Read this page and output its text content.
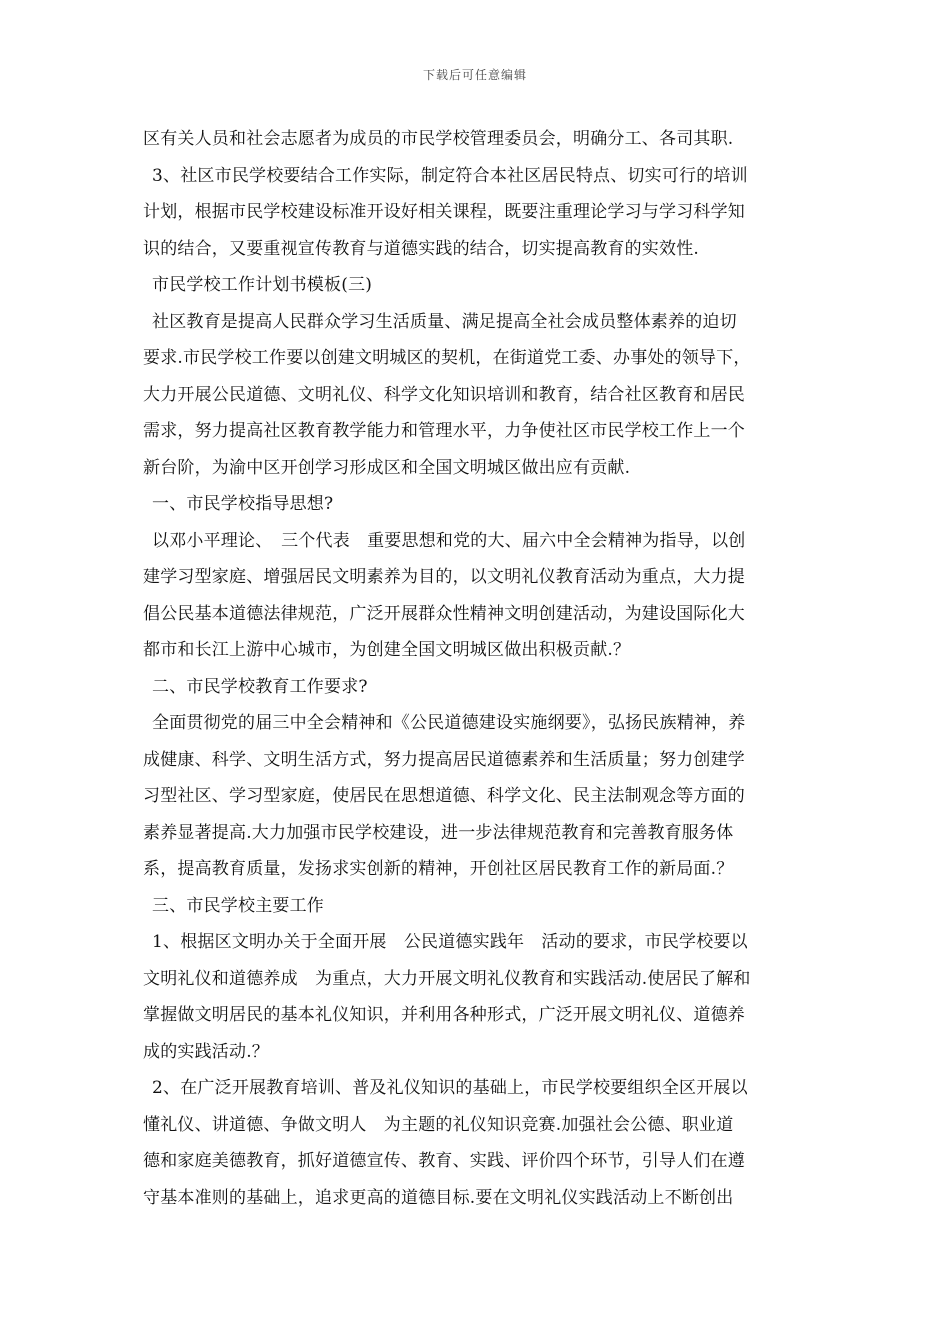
下载后可任意编辑
区有关人员和社会志愿者为成员的市民学校管理委员会，明确分工、各司其职.
3、社区市民学校要结合工作实际，制定符合本社区居民特点、切实可行的培训
计划，根据市民学校建设标准开设好相关课程，既要注重理论学习与学习科学知
识的结合，又要重视宣传教育与道德实践的结合，切实提高教育的实效性.
市民学校工作计划书模板(三)
社区教育是提高人民群众学习生活质量、满足提高全社会成员整体素养的迫切
要求.市民学校工作要以创建文明城区的契机，在街道党工委、办事处的领导下，
大力开展公民道德、文明礼仪、科学文化知识培训和教育，结合社区教育和居民
需求，努力提高社区教育教学能力和管理水平，力争使社区市民学校工作上一个
新台阶，为渝中区开创学习形成区和全国文明城区做出应有贡献.
一、市民学校指导思想?
以邓小平理论、　三个代表　重要思想和党的大、届六中全会精神为指导，以创
建学习型家庭、增强居民文明素养为目的，以文明礼仪教育活动为重点，大力提
倡公民基本道德法律规范，广泛开展群众性精神文明创建活动，为建设国际化大
都市和长江上游中心城市，为创建全国文明城区做出积极贡献.？
二、市民学校教育工作要求?
全面贯彻党的届三中全会精神和《公民道德建设实施纲要》，弘扬民族精神，养
成健康、科学、文明生活方式，努力提高居民道德素养和生活质量；努力创建学
习型社区、学习型家庭，使居民在思想道德、科学文化、民主法制观念等方面的
素养显著提高.大力加强市民学校建设，进一步法律规范教育和完善教育服务体
系，提高教育质量，发扬求实创新的精神，开创社区居民教育工作的新局面.？
三、市民学校主要工作
1、根据区文明办关于全面开展　公民道德实践年　活动的要求，市民学校要以
文明礼仪和道德养成　为重点，大力开展文明礼仪教育和实践活动.使居民了解和
掌握做文明居民的基本礼仪知识，并利用各种形式，广泛开展文明礼仪、道德养
成的实践活动.？
2、在广泛开展教育培训、普及礼仪知识的基础上，市民学校要组织全区开展以
懂礼仪、讲道德、争做文明人　为主题的礼仪知识竞赛.加强社会公德、职业道
德和家庭美德教育，抓好道德宣传、教育、实践、评价四个环节，引导人们在遵
守基本准则的基础上，追求更高的道德目标.要在文明礼仪实践活动上不断创出
